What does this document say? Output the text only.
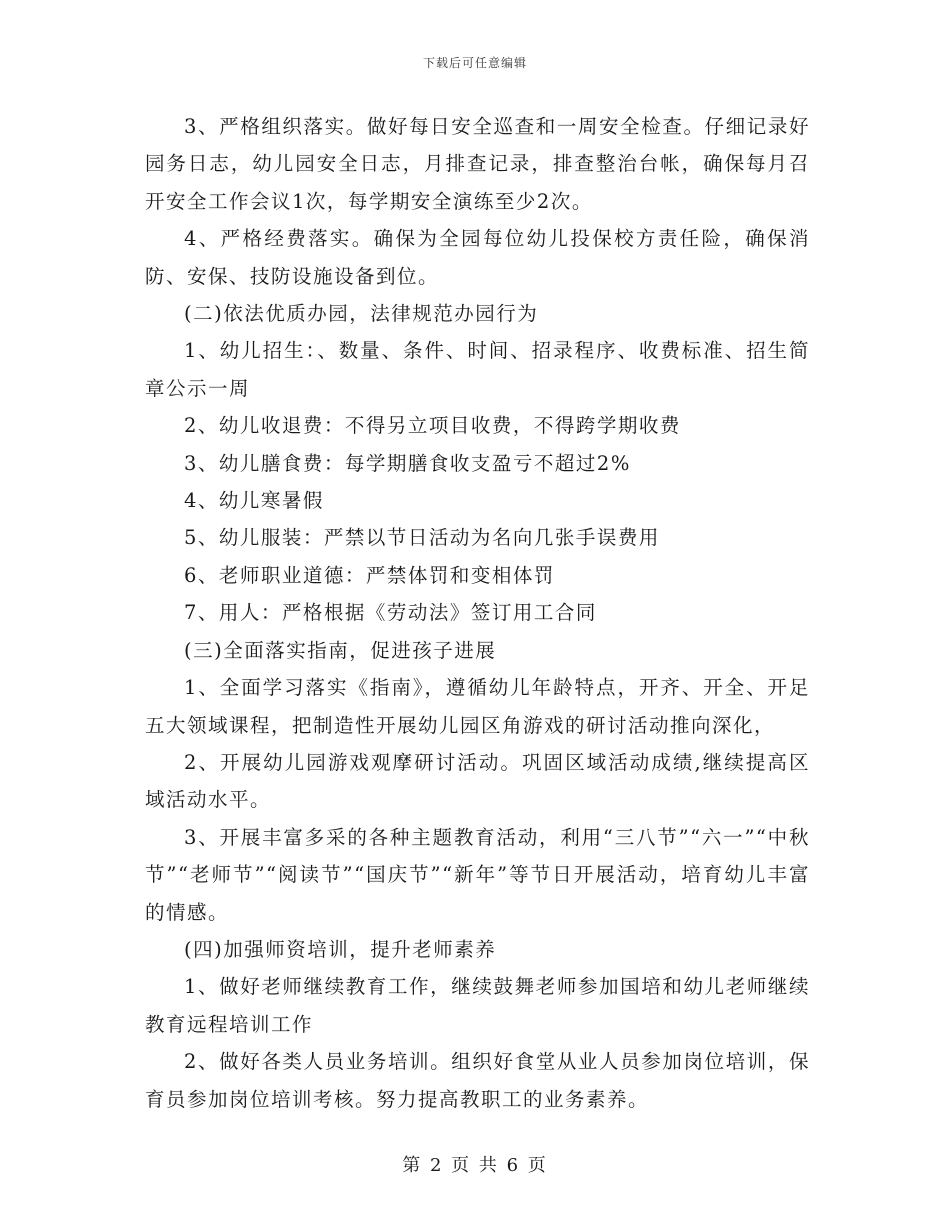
下载后可任意编辑

3、严格组织落实。做好每日安全巡查和一周安全检查。仔细记录好园务日志，幼儿园安全日志，月排查记录，排查整治台帐，确保每月召开安全工作会议1次，每学期安全演练至少2次。

4、严格经费落实。确保为全园每位幼儿投保校方责任险，确保消防、安保、技防设施设备到位。

(二)依法优质办园，法律规范办园行为

1、幼儿招生：、数量、条件、时间、招录程序、收费标准、招生简章公示一周

2、幼儿收退费：不得另立项目收费，不得跨学期收费

3、幼儿膳食费：每学期膳食收支盈亏不超过2%

4、幼儿寒暑假

5、幼儿服装：严禁以节日活动为名向几张手误费用

6、老师职业道德：严禁体罚和变相体罚

7、用人：严格根据《劳动法》签订用工合同

(三)全面落实指南，促进孩子进展

1、全面学习落实《指南》，遵循幼儿年龄特点，开齐、开全、开足五大领域课程，把制造性开展幼儿园区角游戏的研讨活动推向深化，

2、开展幼儿园游戏观摩研讨活动。巩固区域活动成绩,继续提高区域活动水平。

3、开展丰富多采的各种主题教育活动，利用“三八节”“六一”“中秋节”“老师节”“阅读节”“国庆节”“新年”等节日开展活动，培育幼儿丰富的情感。

(四)加强师资培训，提升老师素养

1、做好老师继续教育工作，继续鼓舞老师参加国培和幼儿老师继续教育远程培训工作

2、做好各类人员业务培训。组织好食堂从业人员参加岗位培训，保育员参加岗位培训考核。努力提高教职工的业务素养。

第 2 页 共 6 页
